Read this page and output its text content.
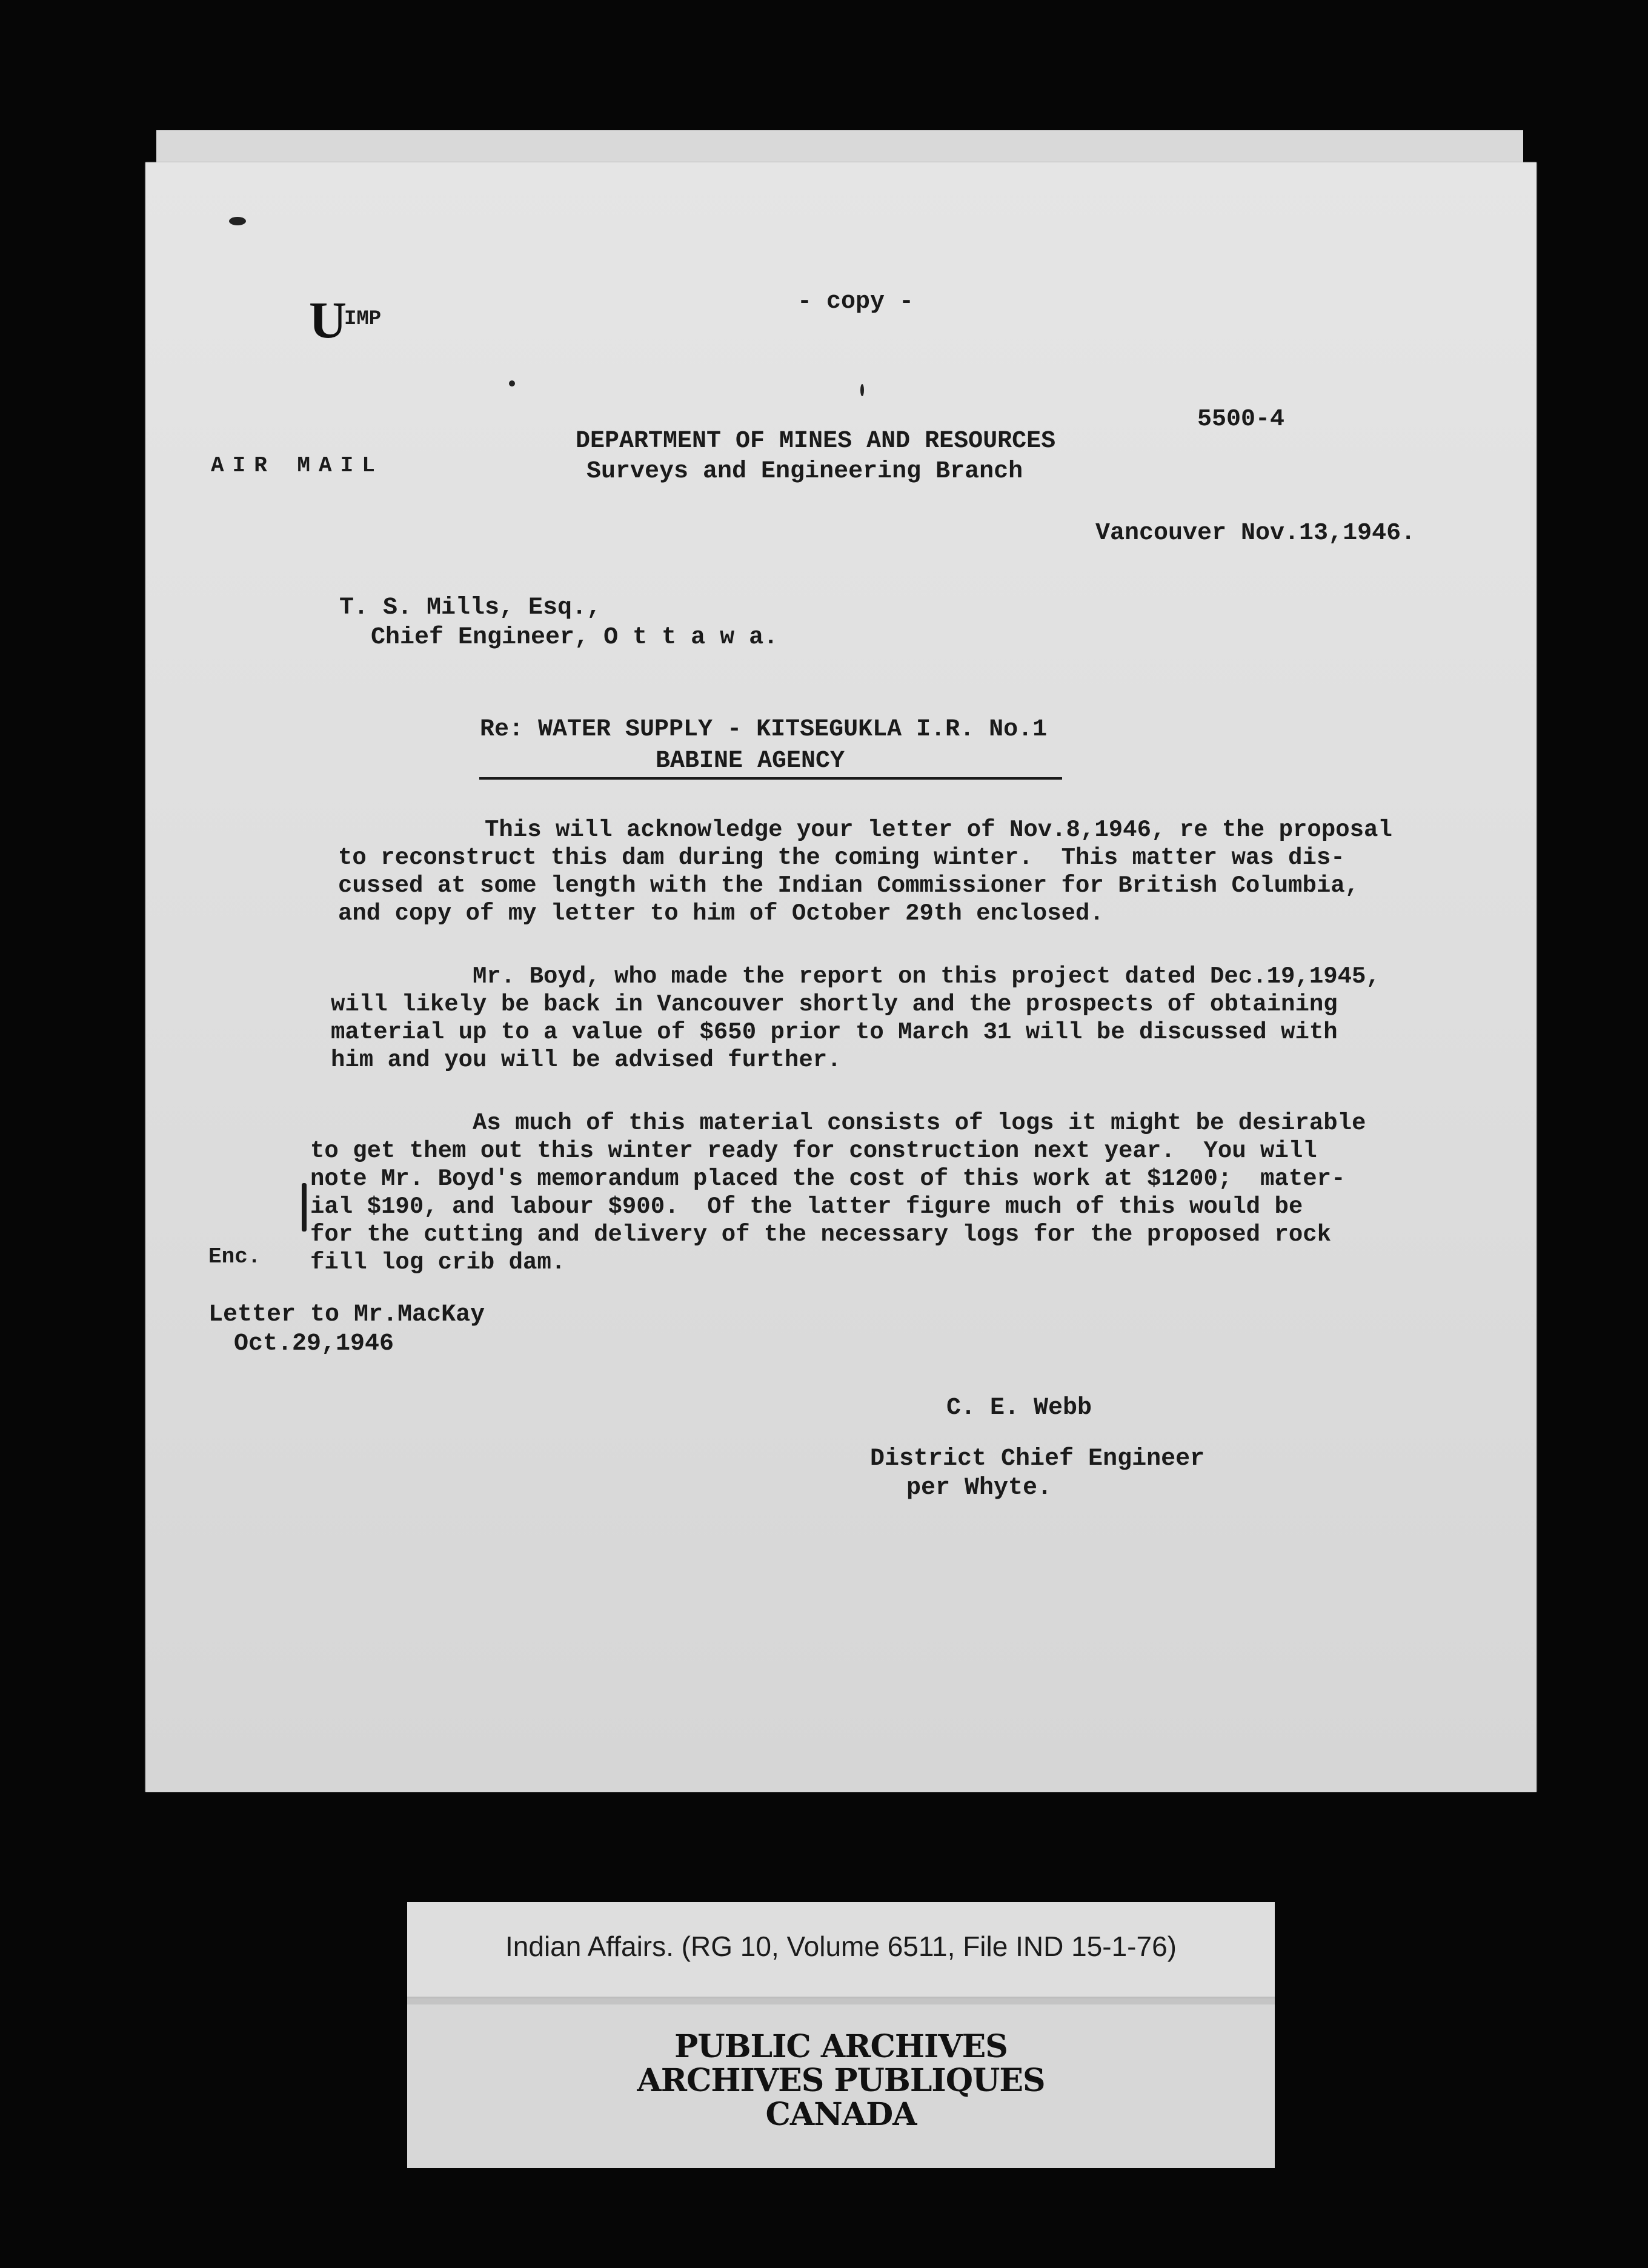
U
IMP
- copy -
5500-4
AIR MAIL
DEPARTMENT OF MINES AND RESOURCES
Surveys and Engineering Branch
Vancouver Nov.13,1946.
T. S. Mills, Esq.,
Chief Engineer, O t t a w a.
Re: WATER SUPPLY - KITSEGUKLA I.R. No.1
BABINE AGENCY
This will acknowledge your letter of Nov.8,1946, re the proposal
to reconstruct this dam during the coming winter.  This matter was dis-
cussed at some length with the Indian Commissioner for British Columbia,
and copy of my letter to him of October 29th enclosed.
Mr. Boyd, who made the report on this project dated Dec.19,1945,
will likely be back in Vancouver shortly and the prospects of obtaining
material up to a value of $650 prior to March 31 will be discussed with
him and you will be advised further.
As much of this material consists of logs it might be desirable
to get them out this winter ready for construction next year.  You will
note Mr. Boyd's memorandum placed the cost of this work at $1200;  mater-
ial $190, and labour $900.  Of the latter figure much of this would be
for the cutting and delivery of the necessary logs for the proposed rock
fill log crib dam.
Enc.
Letter to Mr.MacKay
Oct.29,1946
C. E. Webb
District Chief Engineer
per Whyte.
Indian Affairs. (RG 10, Volume 6511, File IND 15-1-76)
PUBLIC ARCHIVES
ARCHIVES PUBLIQUES
CANADA
